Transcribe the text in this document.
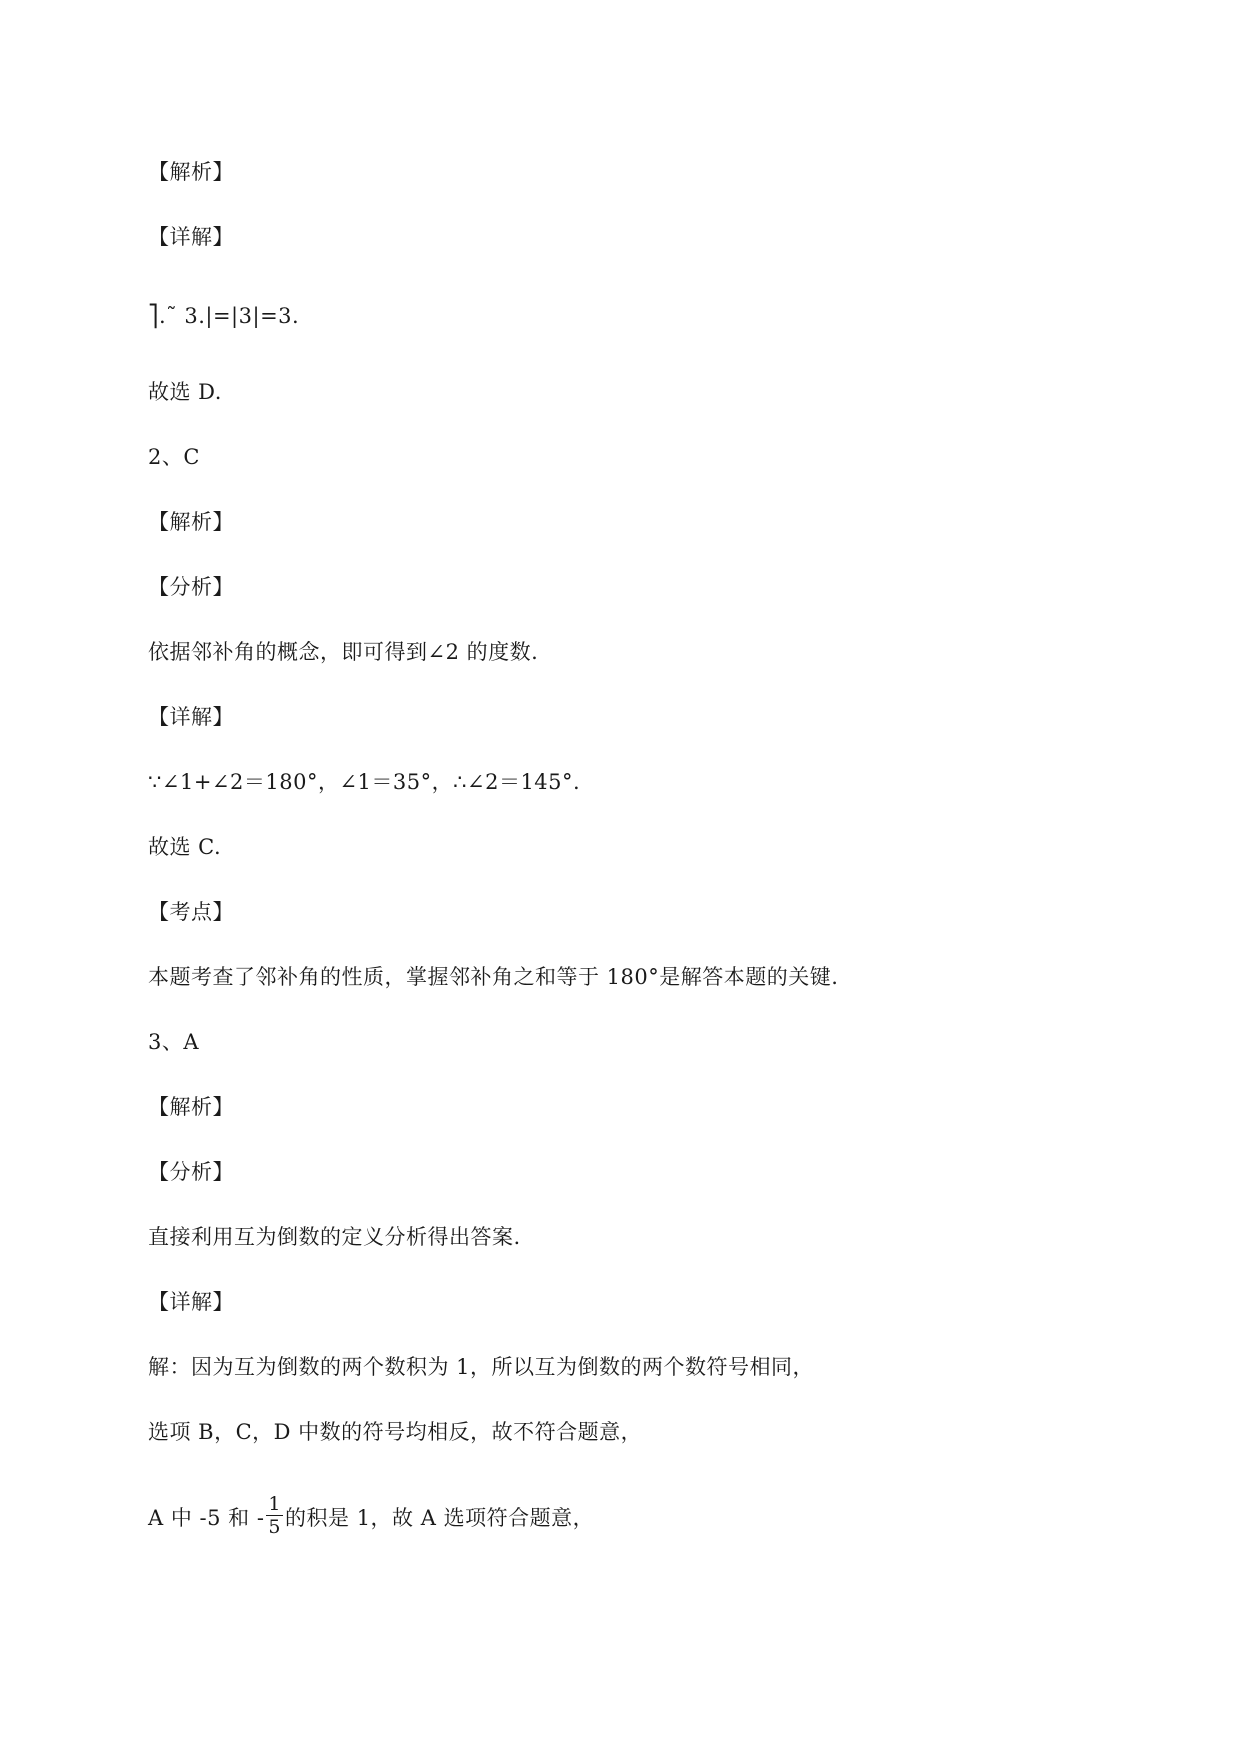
【解析】
【详解】
⎤.˜ 3.|=|3|=3.
故选 D.
2、C
【解析】
【分析】
依据邻补角的概念，即可得到∠2 的度数.
【详解】
∵∠1+∠2＝180°，∠1＝35°，∴∠2＝145°.
故选 C.
【考点】
本题考查了邻补角的性质，掌握邻补角之和等于 180°是解答本题的关键.
3、A
【解析】
【分析】
直接利用互为倒数的定义分析得出答案.
【详解】
解：因为互为倒数的两个数积为 1，所以互为倒数的两个数符号相同，
选项 B，C，D 中数的符号均相反，故不符合题意，
A 中 -5 和 - $\frac{1}{5}$ 的积是 1，故 A 选项符合题意，
